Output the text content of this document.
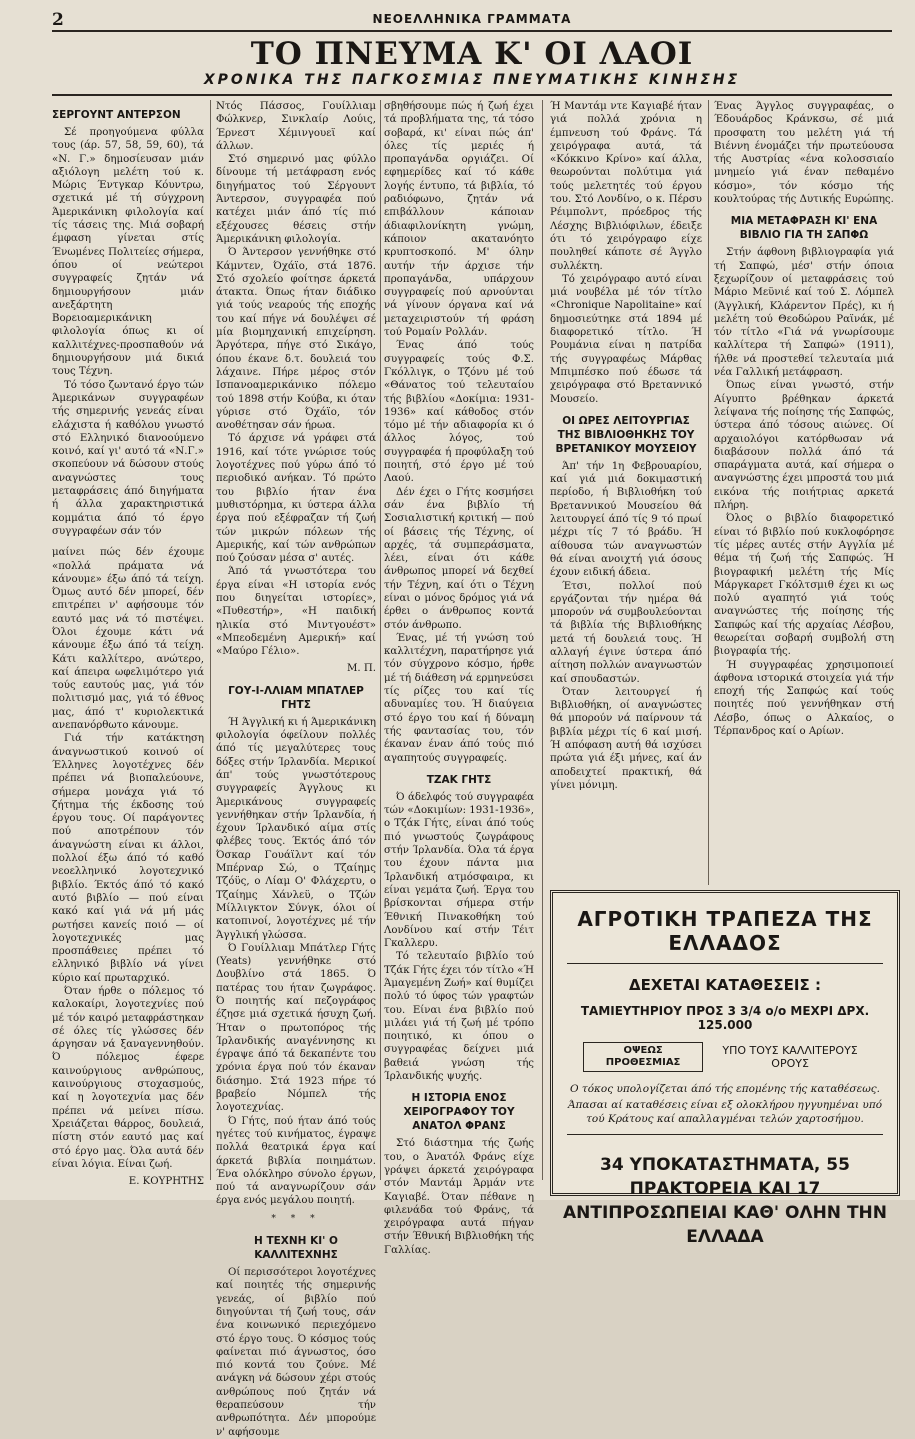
2	ΝΕΟΕΛΛΗΝΙΚΑ ΓΡΑΜΜΑΤΑ
ΤΟ ΠΝΕΥΜΑ Κ' ΟΙ ΛΑΟΙ
ΧΡΟΝΙΚΑ ΤΗΣ ΠΑΓΚΟΣΜΙΑΣ ΠΝΕΥΜΑΤΙΚΗΣ ΚΙΝΗΣΗΣ
ΣΕΡΓΟΥΝΤ ΑΝΤΕΡΣΟΝ

Σέ προηγούμενα φύλλα τους (άρ. 57, 58, 59, 60), τά «Ν. Γ.» δημοσίευσαν μιάν αξιόλογη μελέτη τού κ. Μώρις Έντγκαρ Κόυντρω, σχετικά μέ τή σύγχρονη Άμερικάνικη φιλολογία καί τίς τάσεις της. Μιά σοβαρή έμφαση γίνεται στίς Ένωμένες Πολιτείες σήμερα, όπου οί νεώτεροι συγγραφείς ζητάν νά δημιουργήσουν μιάν ανεξάρτητη Βορειοαμερικάνικη φιλολογία όπως κι οί καλλιτέχνες-προσπαθούν νά δημιουργήσουν μιά δικιά τους Τέχνη.

Τό τόσο ζωντανό έργο τών Άμερικάνων συγγραφέων τής σημερινής γενεάς είναι ελάχιστα ή καθόλου γνωστό στό Ελληνικό διανοούμενο κοινό, καί γι' αυτό τά «Ν.Γ.» σκοπεύουν νά δώσουν στούς αναγνώστες τους μεταφράσεις άπό διηγήματα ή άλλα χαρακτηριστικά κομμάτια άπό τό έργο συγγραφέων σάν τόν

μαίνει πώς δέν έχουμε «πολλά πράματα νά κάνουμε» έξω άπό τά τείχη. Όμως αυτό δέν μπορεί, δέν επιτρέπει ν' αφήσουμε τόν εαυτό μας νά τό πιστέψει. Όλοι έχουμε κάτι νά κάνουμε έξω άπό τά τείχη. Κάτι καλλίτερο, ανώτερο, καί άπειρα ωφελιμότερο γιά τούς εαυτούς μας, γιά τόν πολιτισμό μας, γιά τό έθνος μας, άπό τ' κυριολεκτικά ανεπανόρθωτο κάνουμε.

Γιά τήν κατάκτηση άναγνωστικού κοινού οί Έλληνες λογοτέχνες δέν πρέπει νά βιοπαλεύουνε, σήμερα μονάχα γιά τό ζήτημα τής έκδοσης τού έργου τους. Οί παράγοντες πού αποτρέπουν τόν άναγνώστη είναι κι άλλοι, πολλοί έξω άπό τό καθό νεοελληνικό λογοτεχνικό βιβλίο. Έκτός άπό τό κακό αυτό βιβλίο — πού είναι κακό καί γιά νά μή μάς ρωτήσει κανείς ποιό — οί λογοτεχνικές μας προσπάθειες πρέπει τό ελληνικό βιβλίο νά γίνει κύριο καί πρωταρχικό.

Όταν ήρθε ο πόλεμος τό καλοκαίρι, λογοτεχνίες πού μέ τόν καιρό μεταφράστηκαν σέ όλες τίς γλώσσες δέν άργησαν νά ξαναγεννηθούν. Ό πόλεμος έφερε καινούργιους ανθρώπους, καινούργιους στοχασμούς, καί η λογοτεχνία μας δέν πρέπει νά μείνει πίσω. Χρειάζεται θάρρος, δουλειά, πίστη στόν εαυτό μας καί στό έργο μας. Όλα αυτά δέν είναι λόγια. Είναι ζωή.

Ε. ΚΟΥΡΗΤΗΣ

Ντός Πάσσος, Γουίλλιαμ Φώλκνερ, Σινκλαίρ Λούις, Έρνεστ Χέμινγουεϊ καί άλλων.

Στό σημερινό μας φύλλο δίνουμε τή μετάφραση ενός διηγήματος τού Σέργουντ Άντερσον, συγγραφέα πού κατέχει μιάν άπό τίς πιό εξέχουσες θέσεις στήν Άμερικάνικη φιλολογία.

Ό Άντερσον γεννήθηκε στό Κάμντεν, Όχάϊο, στά 1876. Στό σχολείο φοίτησε άρκετά άτακτα. Όπως ήταν διάδικο γιά τούς νεαρούς τής εποχής του καί πήγε νά δουλέψει σέ μία βιομηχανική επιχείρηση. Άργότερα, πήγε στό Σικάγο, όπου έκανε δ.τ. δουλειά του λάχαινε. Πήρε μέρος στόν Ισπανοαμερικάνικο πόλεμο τού 1898 στήν Κούβα, κι όταν γύρισε στό Όχάϊο, τόν ανοθέτησαν σάν ήρωα.

Τό άρχισε νά γράφει στά 1916, καί τότε γνώρισε τούς λογοτέχνες πού γύρω άπό τό περιοδικό ανήκαν. Τό πρώτο του βιβλίο ήταν ένα μυθιστόρημα, κι ύστερα άλλα έργα πού εξέφραζαν τή ζωή τών μικρών πόλεων τής Αμερικής, καί τών ανθρώπων πού ζούσαν μέσα σ' αυτές.

Άπό τά γνωστότερα του έργα είναι «Η ιστορία ενός που διηγείται ιστορίες», «Πυθεστήρ», «Η παιδική ηλικία στό Μιντγουέστ» «Μπεοδεμένη Αμερική» καί «Μαύρο Γέλιο».

Μ. Π.
ΓΟΥ-Ι-ΛΛΙΑΜ ΜΠΑΤΛΕΡ ΓΗΤΣ

Ή Άγγλική κι ή Άμερικάνικη φιλολογία όφείλουν πολλές άπό τίς μεγαλύτερες τους δόξες στήν Ίρλανδία. Μερικοί άπ' τούς γνωστότερους συγγραφείς Άγγλους κι Άμερικάνους συγγραφείς γεννήθηκαν στήν Ίρλανδία, ή έχουν Ίρλανδικό αίμα στίς φλέβες τους. Έκτός άπό τόν Όσκαρ Γουάϊλντ καί τόν Μπέρναρ Σώ, ο Τζαίημς Τζόϋς, ο Λίαμ Ο' Φλάχερτυ, ο Τζαίημς Χάνλεϋ, ο Τζών Μίλλιγκτον Σύνγκ, όλοι οί κατοπινοί, λογοτέχνες μέ τήν Άγγλική γλώσσα.

Ό Γουίλλιαμ Μπάτλερ Γήτς (Yeats) γεννήθηκε στό Δουβλίνο στά 1865. Ό πατέρας του ήταν ζωγράφος. Ό ποιητής καί πεζογράφος έζησε μιά σχετικά ήσυχη ζωή. Ήταν ο πρωτοπόρος τής Ίρλανδικής αναγέννησης κι έγραψε άπό τά δεκαπέντε του χρόνια έργα πού τόν έκαναν διάσημο. Στά 1923 πήρε τό βραβείο Νόμπελ τής λογοτεχνίας.

Ό Γήτς, πού ήταν άπό τούς ηγέτες τού κινήματος, έγραψε πολλά θεατρικά έργα καί άρκετά βιβλία ποιημάτων. Ένα ολόκληρο σύνολο έργων, πού τά αναγνωρίζουν σάν έργα ενός μεγάλου ποιητή.

* * *
Η ΤΕΧΝΗ ΚΙ' Ο ΚΑΛΛΙΤΕΧΝΗΣ

Οί περισσότεροι λογοτέχνες καί ποιητές τής σημερινής γενεάς, οί βιβλίο πού διηγούνται τή ζωή τους, σάν ένα κοινωνικό περιεχόμενο στό έργο τους. Ό κόσμος τούς φαίνεται πιό άγνωστος, όσο πιό κοντά του ζούνε. Μέ ανάγκη νά δώσουν χέρι στούς ανθρώπους πού ζητάν νά θεραπεύσουν τήν ανθρωπότητα. Δέν μπορούμε ν' αφήσουμε

σβηθήσουμε πώς ή ζωή έχει τά προβλήματα της, τά τόσο σοβαρά, κι' είναι πώς άπ' όλες τίς μεριές ή προπαγάνδα οργιάζει. Οί εφημερίδες καί τό κάθε λογής έντυπο, τά βιβλία, τό ραδιόφωνο, ζητάν νά επιβάλλουν κάποιαν άδιαφιλονίκητη γνώμη, κάποιον ακατανόητο κρυπτοσκοπό. Μ' όλην αυτήν τήν άρχισε τήν προπαγάνδα, υπάρχουν συγγραφείς πού αρνούνται νά γίνουν όργανα καί νά μεταχειριστούν τή φράση τού Ρομαίν Ρολλάν.

Ένας άπό τούς συγγραφείς τούς Φ.Σ. Γκόλλιγκ, ο Τζόνυ μέ τού «Θάνατος τού τελευταίου τής βιβλίου «Δοκίμια: 1931-1936» καί κάθοδος στόν τόμο μέ τήν αδιαφορία κι ό άλλος λόγος, τού συγγραφέα ή προφύλαξη τού ποιητή, στό έργο μέ τού Λαού.

Δέν έχει ο Γήτς κοσμήσει σάν ένα βιβλίο τή Σοσιαλιστική κριτική — πού οί βάσεις τής Τέχνης, οί αρχές, τά συμπεράσματα, λέει, είναι ότι κάθε άνθρωπος μπορεί νά δεχθεί τήν Τέχνη, καί ότι ο Τέχνη είναι ο μόνος δρόμος γιά νά έρθει ο άνθρωπος κοντά στόν άνθρωπο.

Ένας, μέ τή γνώση τού καλλιτέχνη, παρατήρησε γιά τόν σύγχρονο κόσμο, ήρθε μέ τή διάθεση νά ερμηνεύσει τίς ρίζες του καί τίς αδυναμίες του. Ή διαύγεια στό έργο του καί ή δύναμη τής φαντασίας του, τόν έκαναν έναν άπό τούς πιό αγαπητούς συγγραφείς.

ΤΖΑΚ ΓΗΤΣ

Ό άδελφός τού συγγραφέα τών «Δοκιμίων: 1931-1936», ο Τζάκ Γήτς, είναι άπό τούς πιό γνωστούς ζωγράφους στήν Ίρλανδία. Όλα τά έργα του έχουν πάντα μια Ίρλανδική ατμόσφαιρα, κι είναι γεμάτα ζωή. Έργα του βρίσκονται σήμερα στήν Έθνική Πινακοθήκη τού Λονδίνου καί στήν Τέιτ Γκαλλερυ.

Τό τελευταίο βιβλίο τού Τζάκ Γήτς έχει τόν τίτλο «Ή Άμαγεμένη Ζωή» καί θυμίζει πολύ τό ύφος τών γραφτών του. Είναι ένα βιβλίο πού μιλάει γιά τή ζωή μέ τρόπο ποιητικό, κι όπου ο συγγραφέας δείχνει μιά βαθειά γνώση τής Ίρλανδικής ψυχής.

Η ΙΣΤΟΡΙΑ ΕΝΟΣ ΧΕΙΡΟΓΡΑΦΟΥ ΤΟΥ ΑΝΑΤΟΛ ΦΡΑΝΣ

Στό διάστημα τής ζωής του, ο Άνατόλ Φράνς είχε γράψει άρκετά χειρόγραφα στόν Μαντάμ Άρμάν ντε Καγιαβέ. Όταν πέθανε η φιλενάδα τού Φράνς, τά χειρόγραφα αυτά πήγαν στήν Έθνική Βιβλιοθήκη τής Γαλλίας.

Ή Μαντάμ ντε Καγιαβέ ήταν γιά πολλά χρόνια η έμπνευση τού Φράνς. Τά χειρόγραφα αυτά, τά «Κόκκινο Κρίνο» καί άλλα, θεωρούνται πολύτιμα γιά τούς μελετητές τού έργου του. Στό Λονδίνο, ο κ. Πέρσυ Ρέιμπολντ, πρόεδρος τής Λέσχης Βιβλιόφιλων, έδειξε ότι τό χειρόγραφο είχε πουληθεί κάποτε σέ Άγγλο συλλέκτη.

Τό χειρόγραφο αυτό είναι μιά νουβέλα μέ τόν τίτλο «Chronique Napolitaine» καί δημοσιεύτηκε στά 1894 μέ διαφορετικό τίτλο. Ή Ρουμάνια είναι η πατρίδα τής συγγραφέως Μάρθας Μπιμπέσκο πού έδωσε τά χειρόγραφα στό Βρεταννικό Μουσείο.

ΟΙ ΩΡΕΣ ΛΕΙΤΟΥΡΓΙΑΣ ΤΗΣ ΒΙΒΛΙΟΘΗΚΗΣ ΤΟΥ ΒΡΕΤΑΝΙΚΟΥ ΜΟΥΣΕΙΟΥ

Άπ' τήν 1η Φεβρουαρίου, καί γιά μιά δοκιμαστική περίοδο, ή Βιβλιοθήκη τού Βρεταννικού Μουσείου θά λειτουργεί άπό τίς 9 τό πρωί μέχρι τίς 7 τό βράδυ. Ή αίθουσα τών αναγνωστών θά είναι ανοιχτή γιά όσους έχουν ειδική άδεια.

Έτσι, πολλοί πού εργάζονται τήν ημέρα θά μπορούν νά συμβουλεύονται τά βιβλία τής Βιβλιοθήκης μετά τή δουλειά τους. Ή αλλαγή έγινε ύστερα άπό αίτηση πολλών αναγνωστών καί σπουδαστών.

Όταν λειτουργεί ή Βιβλιοθήκη, οί αναγνώστες θά μπορούν νά παίρνουν τά βιβλία μέχρι τίς 6 καί μισή. Ή απόφαση αυτή θά ισχύσει πρώτα γιά έξι μήνες, καί άν αποδειχτεί πρακτική, θά γίνει μόνιμη.

Ένας Άγγλος συγγραφέας, ο Έδουάρδος Κράνκσω, σέ μιά προσφατη του μελέτη γιά τή Βιέννη ένομάζει τήν πρωτεύουσα τής Αυστρίας «ένα κολοσσιαίο μνημείο γιά έναν πεθαμένο κόσμο», τόν κόσμο τής κουλτούρας τής Δυτικής Ευρώπης.

ΜΙΑ ΜΕΤΑΦΡΑΣΗ ΚΙ' ΕΝΑ ΒΙΒΛΙΟ ΓΙΑ ΤΗ ΣΑΠΦΩ

Στήν άφθονη βιβλιογραφία γιά τή Σαπφώ, μέσ' στήν όποια ξεχωρίζουν οί μεταφράσεις τού Μάριο Μεϋνιέ καί τού Σ. Λόμπελ (Άγγλική, Κλάρεντον Πρές), κι ή μελέτη τού Θεοδώρου Ραϊνάκ, μέ τόν τίτλο «Γιά νά γνωρίσουμε καλλίτερα τή Σαπφώ» (1911), ήλθε νά προστεθεί τελευταία μιά νέα Γαλλική μετάφραση.

Όπως είναι γνωστό, στήν Αίγυπτο βρέθηκαν άρκετά λείψανα τής ποίησης τής Σαπφώς, ύστερα άπό τόσους αιώνες. Οί αρχαιολόγοι κατόρθωσαν νά διαβάσουν πολλά άπό τά σπαράγματα αυτά, καί σήμερα ο αναγνώστης έχει μπροστά του μιά εικόνα τής ποιήτριας αρκετά πλήρη.

Όλος ο βιβλίο διαφορετικό είναι τό βιβλίο πού κυκλοφόρησε τίς μέρες αυτές στήν Αγγλία μέ θέμα τή ζωή τής Σαπφώς. Ή βιογραφική μελέτη τής Μίς Μάργκαρετ Γκόλτσμιθ έχει κι ως πολύ αγαπητό γιά τούς αναγνώστες τής ποίησης τής Σαπφώς καί τής αρχαίας Λέσβου, θεωρείται σοβαρή συμβολή στη βιογραφία τής.

Ή συγγραφέας χρησιμοποιεί άφθονα ιστορικά στοιχεία γιά τήν εποχή τής Σαπφώς καί τούς ποιητές πού γεννήθηκαν στή Λέσβο, όπως ο Αλκαίος, ο Τέρπανδρος καί ο Αρίων.

ΑΓΡΟΤΙΚΗ ΤΡΑΠΕΖΑ ΤΗΣ ΕΛΛΑΔΟΣ
ΔΕΧΕΤΑΙ ΚΑΤΑΘΕΣΕΙΣ :
ΤΑΜΙΕΥΤΗΡΙΟΥ ΠΡΟΣ 3 3/4 ο/ο ΜΕΧΡΙ ΔΡΧ. 125.000
ΟΨΕΩΣ ΠΡΟΘΕΣΜΙΑΣ
ΥΠΟ ΤΟΥΣ ΚΑΛΛΙΤΕΡΟΥΣ ΟΡΟΥΣ
Ο τόκος υπολογίζεται άπό τής επομένης τής καταθέσεως.
Άπασαι αί καταθέσεις είναι εξ ολοκλήρου ηγγυημέναι υπό τού Κράτους καί απαλλαγμέναι τελών χαρτοσήμου.
34 ΥΠΟΚΑΤΑΣΤΗΜΑΤΑ, 55 ΠΡΑΚΤΟΡΕΙΑ ΚΑΙ 17 ΑΝΤΙΠΡΟΣΩΠΕΙΑΙ ΚΑΘ' ΟΛΗΝ ΤΗΝ ΕΛΛΑΔΑ
